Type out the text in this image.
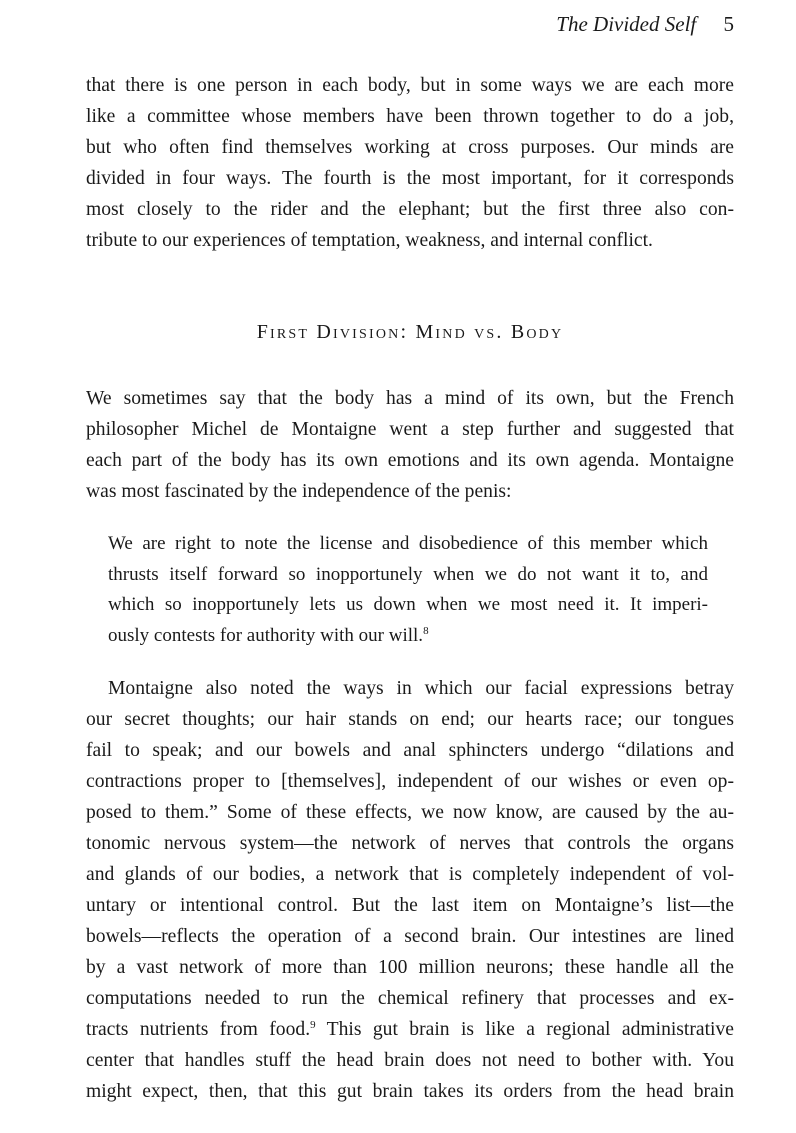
The Divided Self 5
that there is one person in each body, but in some ways we are each more
like a committee whose members have been thrown together to do a job,
but who often find themselves working at cross purposes. Our minds are
divided in four ways. The fourth is the most important, for it corresponds
most closely to the rider and the elephant; but the first three also con-
tribute to our experiences of temptation, weakness, and internal conflict.
First Division: Mind vs. Body
We sometimes say that the body has a mind of its own, but the French
philosopher Michel de Montaigne went a step further and suggested that
each part of the body has its own emotions and its own agenda. Montaigne
was most fascinated by the independence of the penis:
We are right to note the license and disobedience of this member which
thrusts itself forward so inopportunely when we do not want it to, and
which so inopportunely lets us down when we most need it. It imperi-
ously contests for authority with our will.$^8$
Montaigne also noted the ways in which our facial expressions betray
our secret thoughts; our hair stands on end; our hearts race; our tongues
fail to speak; and our bowels and anal sphincters undergo “dilations and
contractions proper to [themselves], independent of our wishes or even op-
posed to them.” Some of these effects, we now know, are caused by the au-
tonomic nervous system—the network of nerves that controls the organs
and glands of our bodies, a network that is completely independent of vol-
untary or intentional control. But the last item on Montaigne’s list—the
bowels—reflects the operation of a second brain. Our intestines are lined
by a vast network of more than 100 million neurons; these handle all the
computations needed to run the chemical refinery that processes and ex-
tracts nutrients from food.$^9$ This gut brain is like a regional administrative
center that handles stuff the head brain does not need to bother with. You
might expect, then, that this gut brain takes its orders from the head brain
